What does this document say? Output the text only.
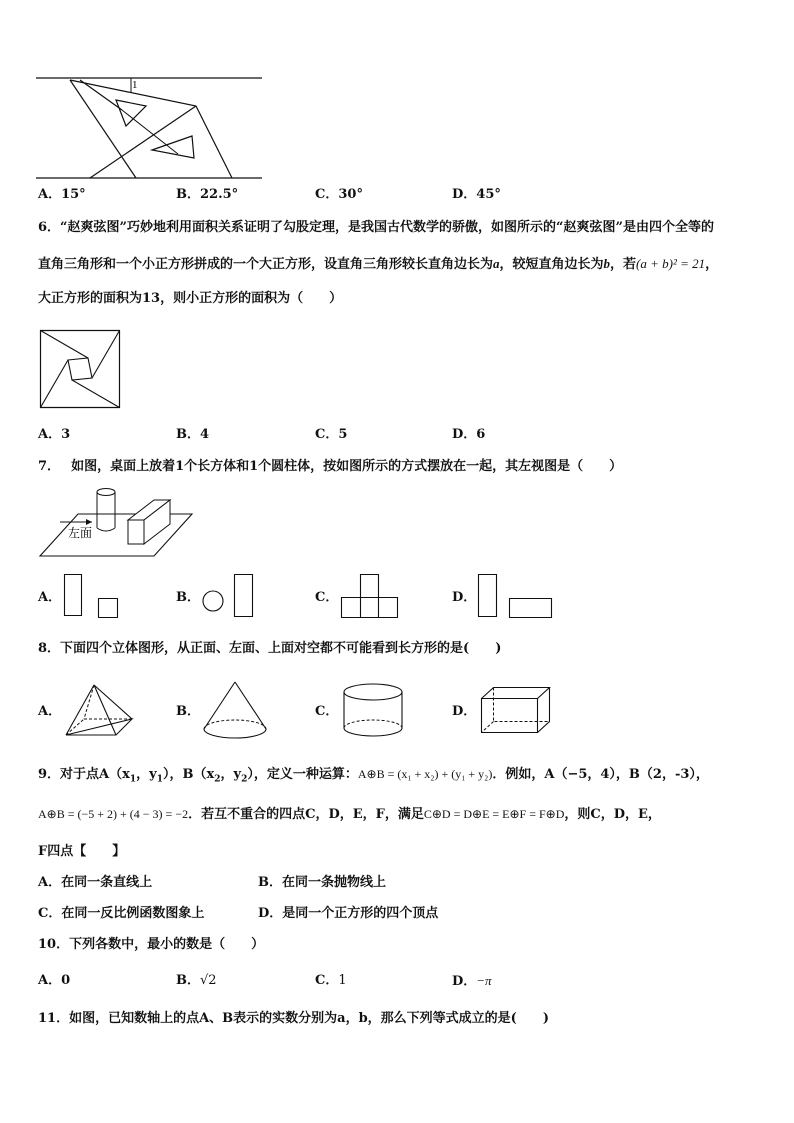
1
A．15°	B．22.5°	C．30°	D．45°
6．“赵爽弦图”巧妙地利用面积关系证明了勾股定理，是我国古代数学的骄傲，如图所示的“赵爽弦图”是由四个全等的
直角三角形和一个小正方形拼成的一个大正方形，设直角三角形较长直角边长为a，较短直角边长为b，若(a + b)² = 21，
大正方形的面积为13，则小正方形的面积为（　　）
A．3	B．4	C．5	D．6
7．　 如图，桌面上放着1个长方体和1个圆柱体，按如图所示的方式摆放在一起，其左视图是（　　）
左面
A．	B．	C．	D．
8．下面四个立体图形，从正面、左面、上面对空都不可能看到长方形的是(　　)
A．	B．	C．	D．
9．对于点$A(x_1$，$y_1$），$B(x_2$，$y_2$），定义一种运算：A⊕B = (x₁ + x₂) + (y₁ + y₂)．例如，A（−5，4），B（2，-3），
A⊕B = (−5 + 2) + (4 − 3) = −2．若互不重合的四点C，D，E，F，满足C⊕D = D⊕E = E⊕F = F⊕D，则C，D，E，
F四点【　　】
A．在同一条直线上	B．在同一条抛物线上
C．在同一反比例函数图象上	D．是同一个正方形的四个顶点
10．下列各数中，最小的数是（　　）
A．0	B．√2	C．1	D．−π
11．如图，已知数轴上的点A、B表示的实数分别为a，b，那么下列等式成立的是(　　)
